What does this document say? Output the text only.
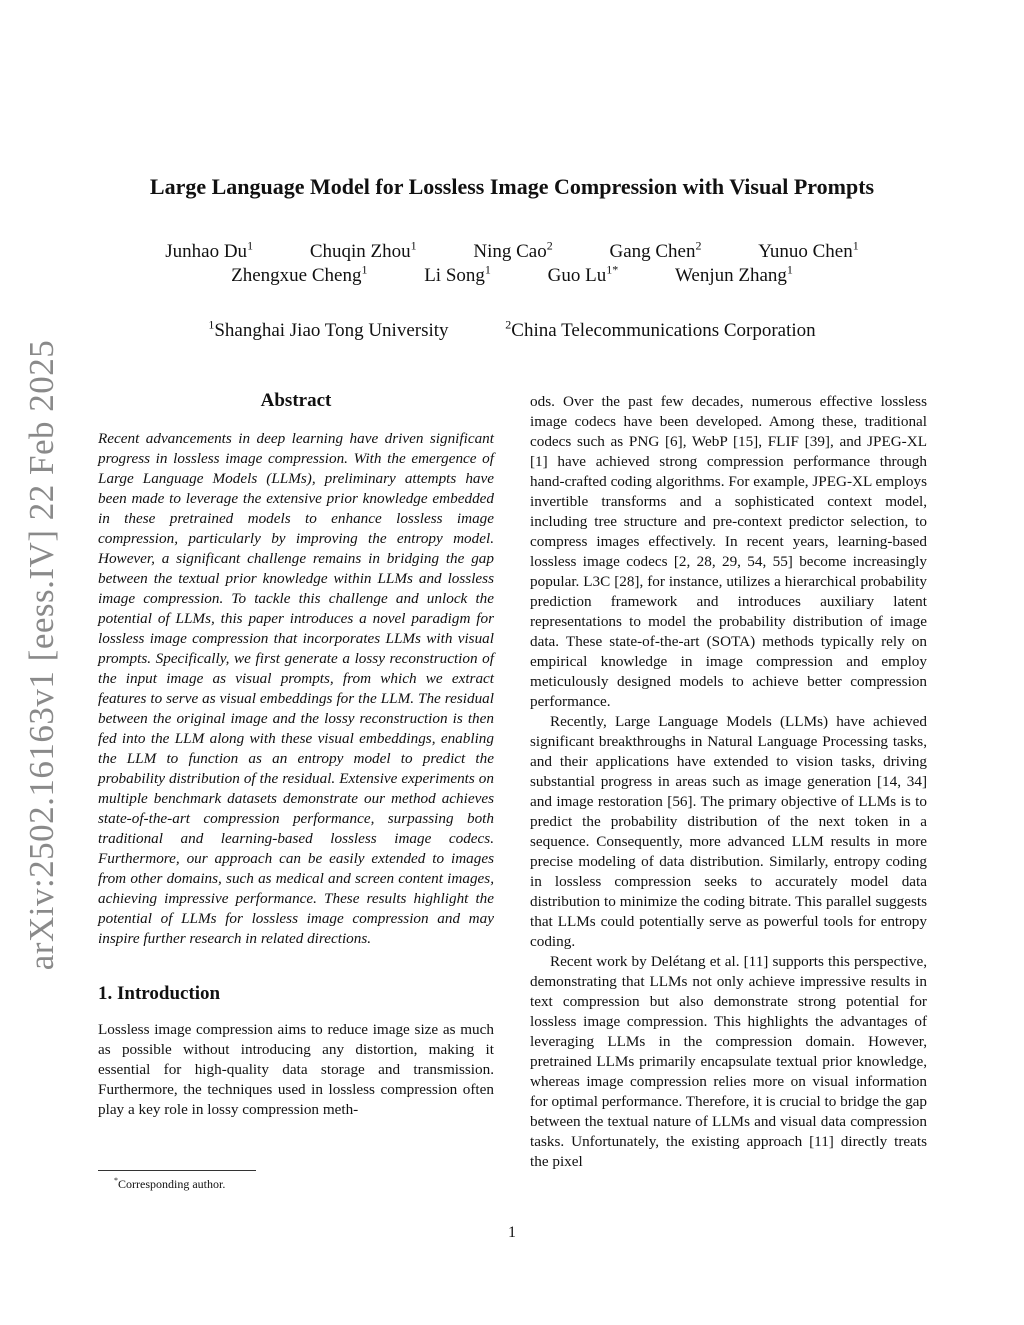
Large Language Model for Lossless Image Compression with Visual Prompts
Junhao Du$^1$	Chuqin Zhou$^1$	Ning Cao$^2$	Gang Chen$^2$	Yunuo Chen$^1$
Zhengxue Cheng$^1$	Li Song$^1$	Guo $Lu^{1*}$	Wenjun Zhang$^1$
$^1$Shanghai Jiao Tong University	$^2$China Telecommunications Corporation
arXiv:2502.16163v1 [eess.IV] 22 Feb 2025	Abstract

Recent advancements in deep learning have driven significant progress in lossless image compression. With the emergence of Large Language Models (LLMs), preliminary attempts have been made to leverage the extensive prior knowledge embedded in these pretrained models to enhance lossless image compression, particularly by improving the entropy model. However, a significant challenge remains in bridging the gap between the textual prior knowledge within LLMs and lossless image compression. To tackle this challenge and unlock the potential of LLMs, this paper introduces a novel paradigm for lossless image compression that incorporates LLMs with visual prompts. Specifically, we first generate a lossy reconstruction of the input image as visual prompts, from which we extract features to serve as visual embeddings for the LLM. The residual between the original image and the lossy reconstruction is then fed into the LLM along with these visual embeddings, enabling the LLM to function as an entropy model to predict the probability distribution of the residual. Extensive experiments on multiple benchmark datasets demonstrate our method achieves state-of-the-art compression performance, surpassing both traditional and learning-based lossless image codecs. Furthermore, our approach can be easily extended to images from other domains, such as medical and screen content images, achieving impressive performance. These results highlight the potential of LLMs for lossless image compression and may inspire further research in related directions.

1. Introduction

Lossless image compression aims to reduce image size as much as possible without introducing any distortion, making it essential for high-quality data storage and transmission. Furthermore, the techniques used in lossless compression often play a key role in lossy compression meth-

ods. Over the past few decades, numerous effective lossless image codecs have been developed. Among these, traditional codecs such as PNG [6], WebP [15], FLIF [39], and JPEG-XL [1] have achieved strong compression performance through hand-crafted coding algorithms. For example, JPEG-XL employs invertible transforms and a sophisticated context model, including tree structure and pre-context predictor selection, to compress images effectively. In recent years, learning-based lossless image codecs [2, 28, 29, 54, 55] become increasingly popular. L3C [28], for instance, utilizes a hierarchical probability prediction framework and introduces auxiliary latent representations to model the probability distribution of image data. These state-of-the-art (SOTA) methods typically rely on empirical knowledge in image compression and employ meticulously designed models to achieve better compression performance.

Recently, Large Language Models (LLMs) have achieved significant breakthroughs in Natural Language Processing tasks, and their applications have extended to vision tasks, driving substantial progress in areas such as image generation [14, 34] and image restoration [56]. The primary objective of LLMs is to predict the probability distribution of the next token in a sequence. Consequently, more advanced LLM results in more precise modeling of data distribution. Similarly, entropy coding in lossless compression seeks to accurately model data distribution to minimize the coding bitrate. This parallel suggests that LLMs could potentially serve as powerful tools for entropy coding.

Recent work by Delétang et al. [11] supports this perspective, demonstrating that LLMs not only achieve impressive results in text compression but also demonstrate strong potential for lossless image compression. This highlights the advantages of leveraging LLMs in the compression domain. However, pretrained LLMs primarily encapsulate textual prior knowledge, whereas image compression relies more on visual information for optimal performance. Therefore, it is crucial to bridge the gap between the textual nature of LLMs and visual data compression tasks. Unfortunately, the existing approach [11] directly treats the pixel

*Corresponding author.
1
